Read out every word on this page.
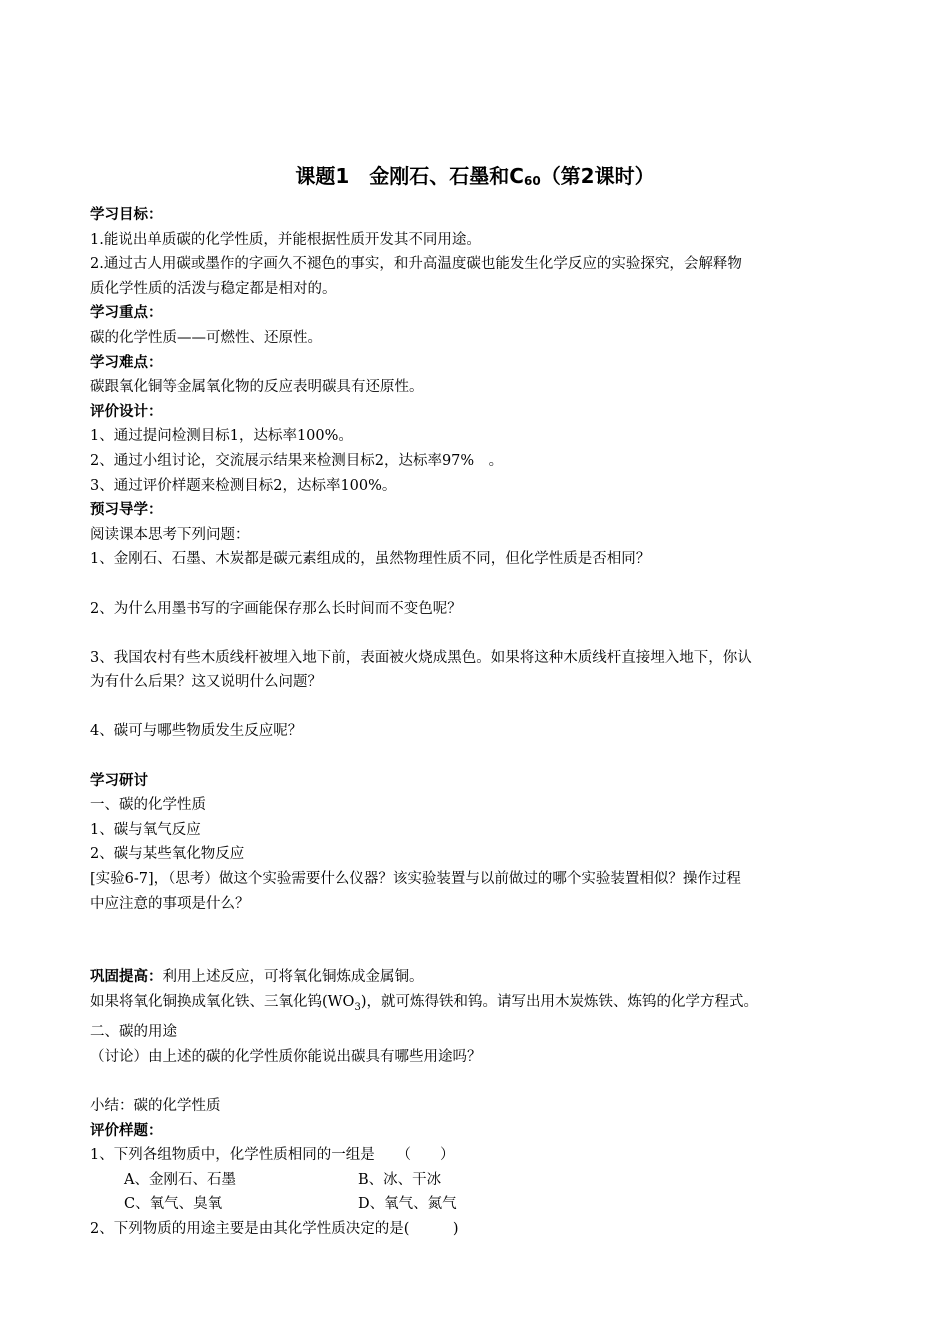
课题1　金刚石、石墨和$C_{60}$（第2课时）

学习目标：

1.能说出单质碳的化学性质，并能根据性质开发其不同用途。

2.通过古人用碳或墨作的字画久不褪色的事实，和升高温度碳也能发生化学反应的实验探究，会解释物

质化学性质的活泼与稳定都是相对的。

学习重点：

碳的化学性质——可燃性、还原性。

学习难点：

碳跟氧化铜等金属氧化物的反应表明碳具有还原性。

评价设计：

1、通过提问检测目标1，达标率100%。

2、通过小组讨论，交流展示结果来检测目标2，达标率97%　。

3、通过评价样题来检测目标2，达标率100%。

预习导学：

阅读课本思考下列问题：

1、金刚石、石墨、木炭都是碳元素组成的，虽然物理性质不同，但化学性质是否相同？

2、为什么用墨书写的字画能保存那么长时间而不变色呢？

3、我国农村有些木质线杆被埋入地下前，表面被火烧成黑色。如果将这种木质线杆直接埋入地下，你认

为有什么后果？这又说明什么问题？

4、碳可与哪些物质发生反应呢？

学习研讨

一、碳的化学性质

1、碳与氧气反应

2、碳与某些氧化物反应

[实验6-7]，（思考）做这个实验需要什么仪器？该实验装置与以前做过的哪个实验装置相似？操作过程

中应注意的事项是什么？

巩固提高：利用上述反应，可将氧化铜炼成金属铜。

如果将氧化铜换成氧化铁、三氧化钨$(WO_3)$，就可炼得铁和钨。请写出用木炭炼铁、炼钨的化学方程式。

二、碳的用途

（讨论）由上述的碳的化学性质你能说出碳具有哪些用途吗？

小结：碳的化学性质

评价样题：

1、下列各组物质中，化学性质相同的一组是　　（　　）

A、金刚石、石墨	B、冰、干冰
C、氧气、臭氧	D、氧气、氮气

2、下列物质的用途主要是由其化学性质决定的是(　　　)
